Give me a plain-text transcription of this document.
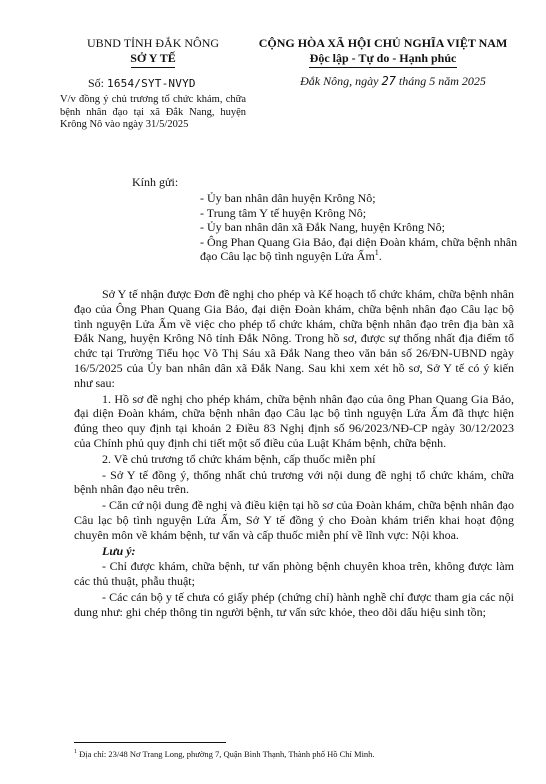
UBND TỈNH ĐẮK NÔNG
SỞ Y TẾ
Số: 1654/SYT-NVYD
V/v đồng ý chủ trương tổ chức khám, chữa bệnh nhân đạo tại xã Đắk Nang, huyện Krông Nô vào ngày 31/5/2025
CỘNG HÒA XÃ HỘI CHỦ NGHĨA VIỆT NAM
Độc lập - Tự do - Hạnh phúc
Đắk Nông, ngày 27 tháng 5 năm 2025
Kính gửi:

- Ủy ban nhân dân huyện Krông Nô;

- Trung tâm Y tế huyện Krông Nô;

- Ủy ban nhân dân xã Đắk Nang, huyện Krông Nô;

- Ông Phan Quang Gia Bảo, đại diện Đoàn khám, chữa bệnh nhân đạo Câu lạc bộ tình nguyện Lửa Ấm$^1$.

Sở Y tế nhận được Đơn đề nghị cho phép và Kế hoạch tổ chức khám, chữa bệnh nhân đạo của Ông Phan Quang Gia Bảo, đại diện Đoàn khám, chữa bệnh nhân đạo Câu lạc bộ tình nguyện Lửa Ấm về việc cho phép tổ chức khám, chữa bệnh nhân đạo trên địa bàn xã Đắk Nang, huyện Krông Nô tỉnh Đắk Nông. Trong hồ sơ, được sự thống nhất địa điểm tổ chức tại Trường Tiểu học Võ Thị Sáu xã Đắk Nang theo văn bản số 26/ĐN-UBND ngày 16/5/2025 của Ủy ban nhân dân xã Đắk Nang. Sau khi xem xét hồ sơ, Sở Y tế có ý kiến như sau:

1. Hồ sơ đề nghị cho phép khám, chữa bệnh nhân đạo của ông Phan Quang Gia Bảo, đại diện Đoàn khám, chữa bệnh nhân đạo Câu lạc bộ tình nguyện Lửa Ấm đã thực hiện đúng theo quy định tại khoản 2 Điều 83 Nghị định số 96/2023/NĐ-CP ngày 30/12/2023 của Chính phủ quy định chi tiết một số điều của Luật Khám bệnh, chữa bệnh.

2. Về chủ trương tổ chức khám bệnh, cấp thuốc miễn phí

- Sở Y tế đồng ý, thống nhất chủ trương với nội dung đề nghị tổ chức khám, chữa bệnh nhân đạo nêu trên.

- Căn cứ nội dung đề nghị và điều kiện tại hồ sơ của Đoàn khám, chữa bệnh nhân đạo Câu lạc bộ tình nguyện Lửa Ấm, Sở Y tế đồng ý cho Đoàn khám triển khai hoạt động chuyên môn về khám bệnh, tư vấn và cấp thuốc miễn phí về lĩnh vực: Nội khoa.

Lưu ý:

- Chỉ được khám, chữa bệnh, tư vấn phòng bệnh chuyên khoa trên, không được làm các thủ thuật, phẫu thuật;

- Các cán bộ y tế chưa có giấy phép (chứng chỉ) hành nghề chỉ được tham gia các nội dung như: ghi chép thông tin người bệnh, tư vấn sức khỏe, theo dõi dấu hiệu sinh tồn;

$^1$ Địa chỉ: 23/48 Nơ Trang Long, phường 7, Quận Bình Thạnh, Thành phố Hồ Chí Minh.
